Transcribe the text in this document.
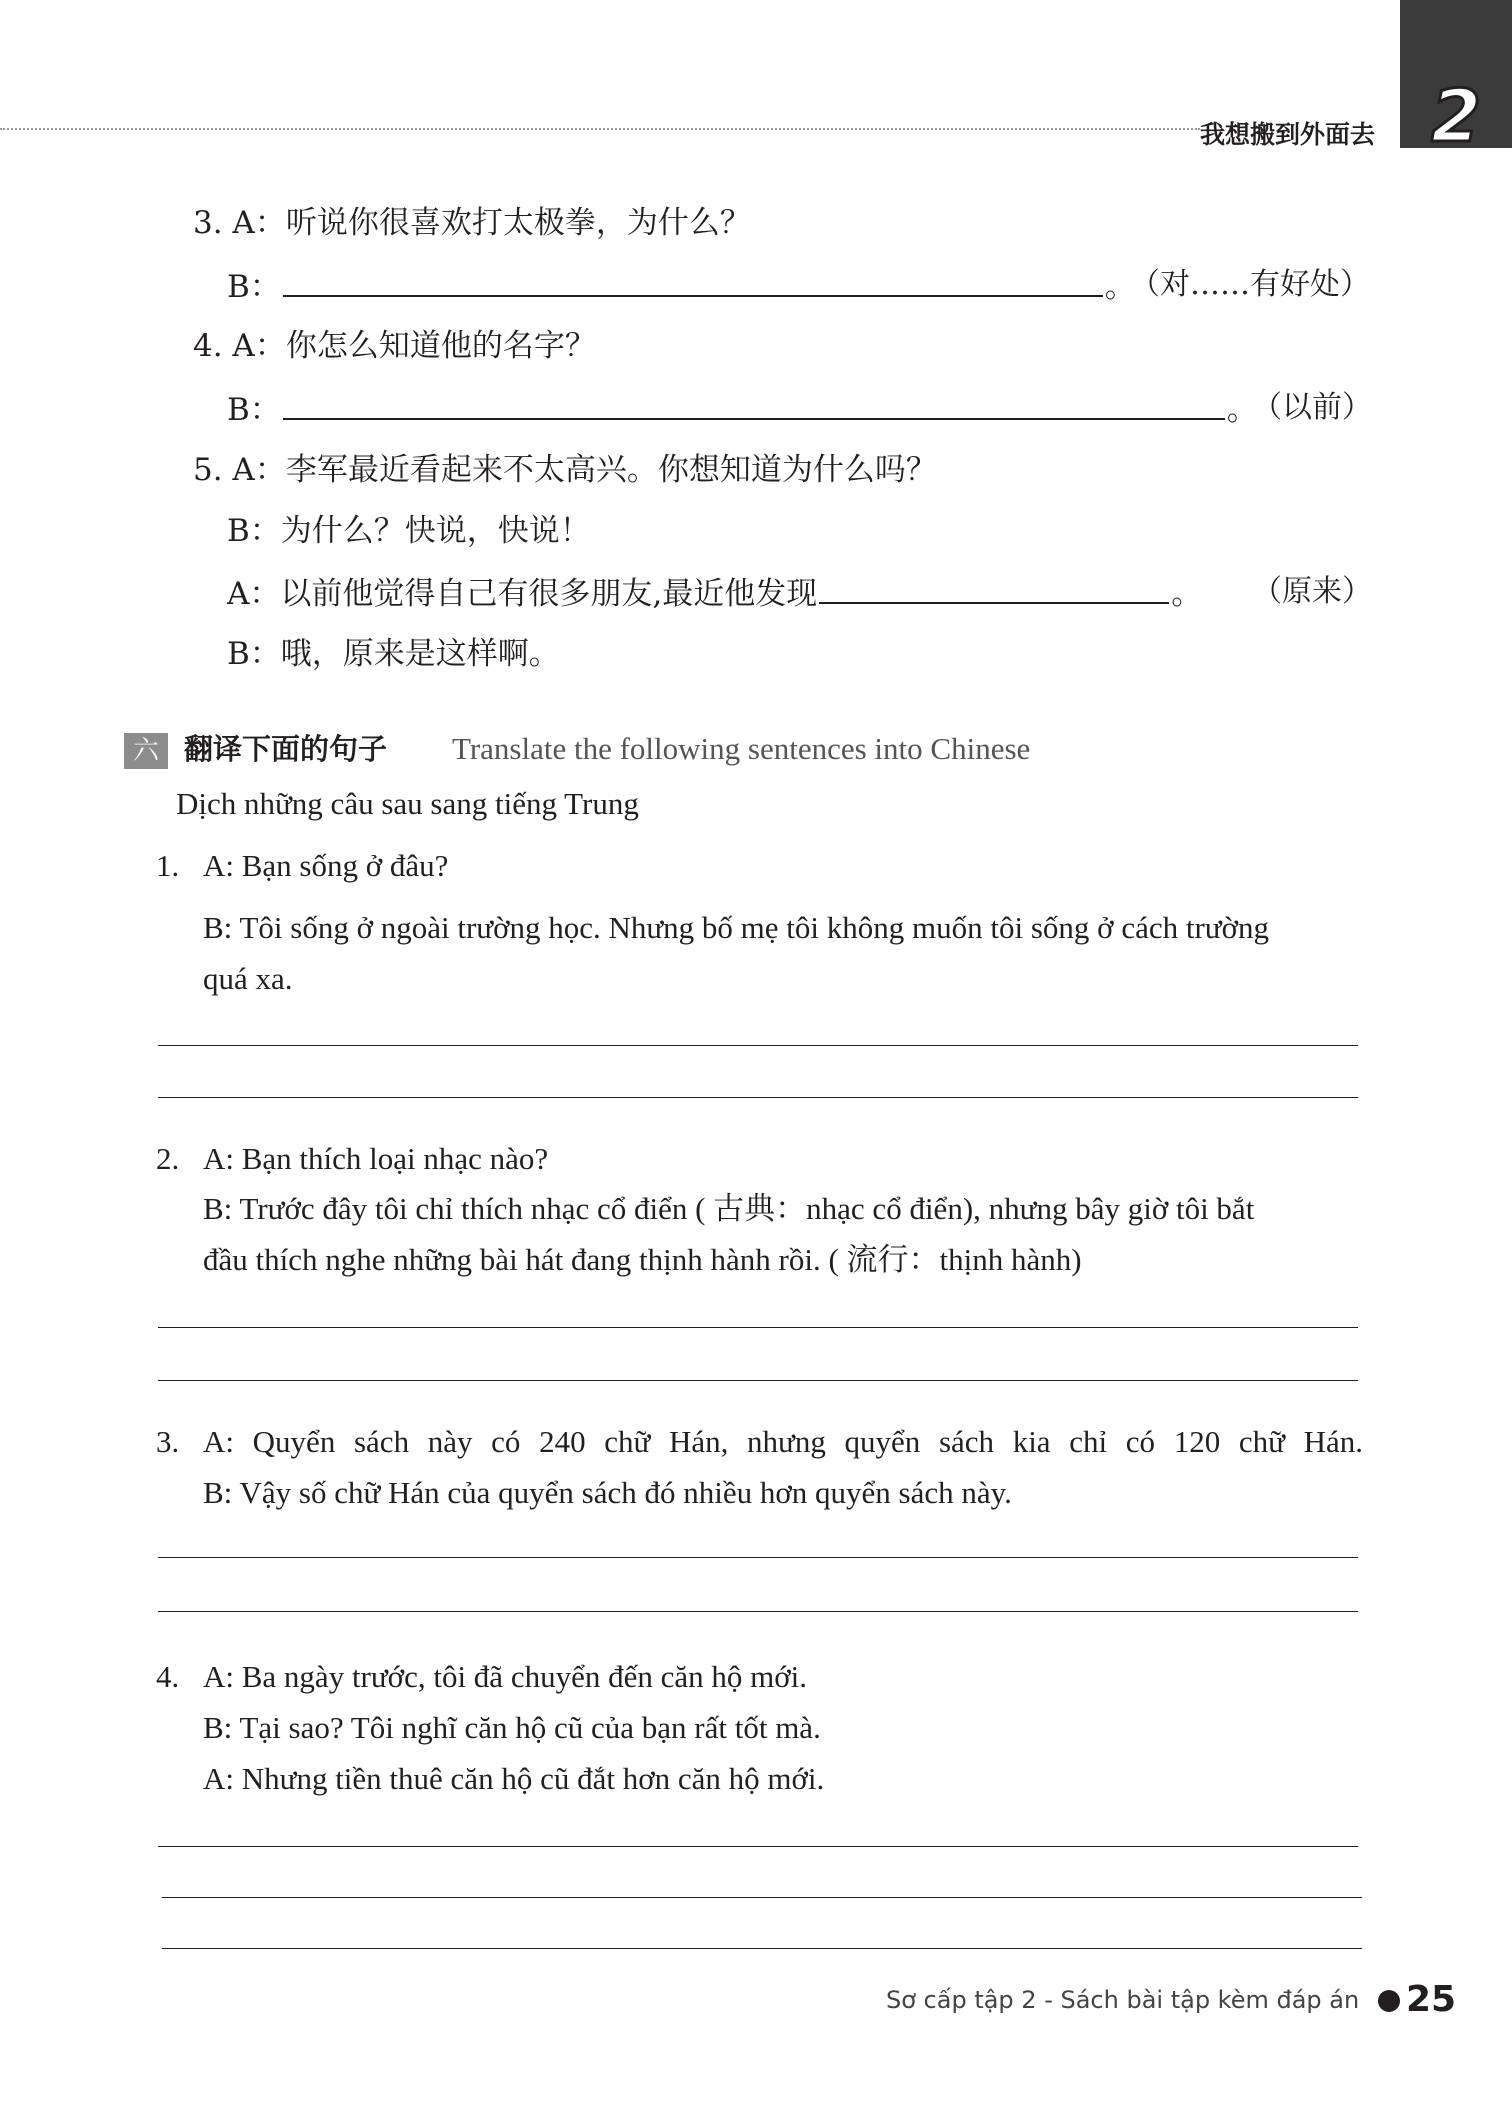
我想搬到外面去 2
3. A：听说你很喜欢打太极拳，为什么？
B：	。
（对……有好处）
4. A：你怎么知道他的名字？
B：	。
（以前）
5. A：李军最近看起来不太高兴。你想知道为什么吗？
B：为什么？快说，快说！
A：以前他觉得自己有很多朋友,最近他发现	。 （原来）
B：哦，原来是这样啊。
六 翻译下面的句子 Translate the following sentences into Chinese
Dịch những câu sau sang tiếng Trung
1. A: Bạn sống ở đâu?
B: Tôi sống ở ngoài trường học. Nhưng bố mẹ tôi không muốn tôi sống ở cách trường
quá xa.
2. A: Bạn thích loại nhạc nào?
B: Trước đây tôi chỉ thích nhạc cổ điển ( 古典：nhạc cổ điển), nhưng bây giờ tôi bắt
đầu thích nghe những bài hát đang thịnh hành rồi. ( 流行：thịnh hành)
3. A: Quyển sách này có 240 chữ Hán, nhưng quyển sách kia chỉ có 120 chữ Hán.
B: Vậy số chữ Hán của quyển sách đó nhiều hơn quyển sách này.
4. A: Ba ngày trước, tôi đã chuyển đến căn hộ mới.
B: Tại sao? Tôi nghĩ căn hộ cũ của bạn rất tốt mà.
A: Nhưng tiền thuê căn hộ cũ đắt hơn căn hộ mới.
Sơ cấp tập 2 - Sách bài tập kèm đáp án 25
